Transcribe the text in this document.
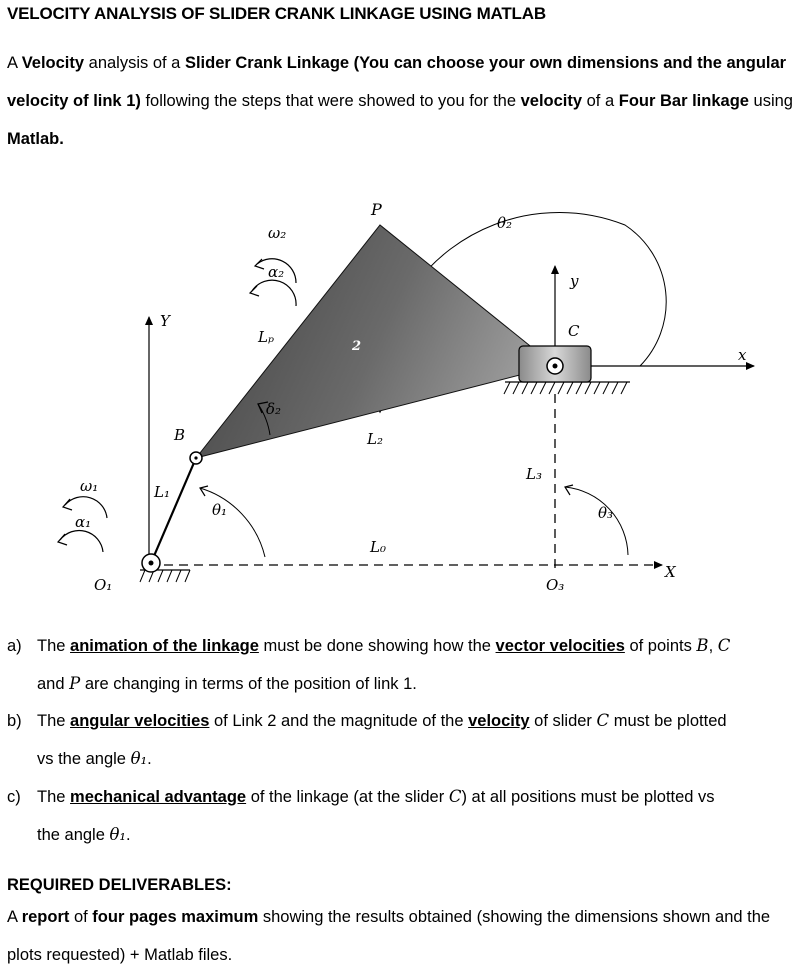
VELOCITY ANALYSIS OF SLIDER CRANK LINKAGE USING MATLAB
A Velocity analysis of a Slider Crank Linkage (You can choose your own dimensions and the angular velocity of link 1) following the steps that were showed to you for the velocity of a Four Bar linkage using Matlab.
P
θ₂
ω₂
α₂	y
Y
C
x
Lₚ
2
δ₂
B	L₂
ω₁	L₁
θ₁
L₃
θ₃
α₁
L₀
X
O₁	O₃
a) The animation of the linkage must be done showing how the vector velocities of points B, C
and P are changing in terms of the position of link 1.
b) The angular velocities of Link 2 and the magnitude of the velocity of slider C must be plotted
vs the angle θ₁.
c) The mechanical advantage of the linkage (at the slider C) at all positions must be plotted vs
the angle θ₁.
REQUIRED DELIVERABLES:
A report of four pages maximum showing the results obtained (showing the dimensions shown and the plots requested) + Matlab files.
